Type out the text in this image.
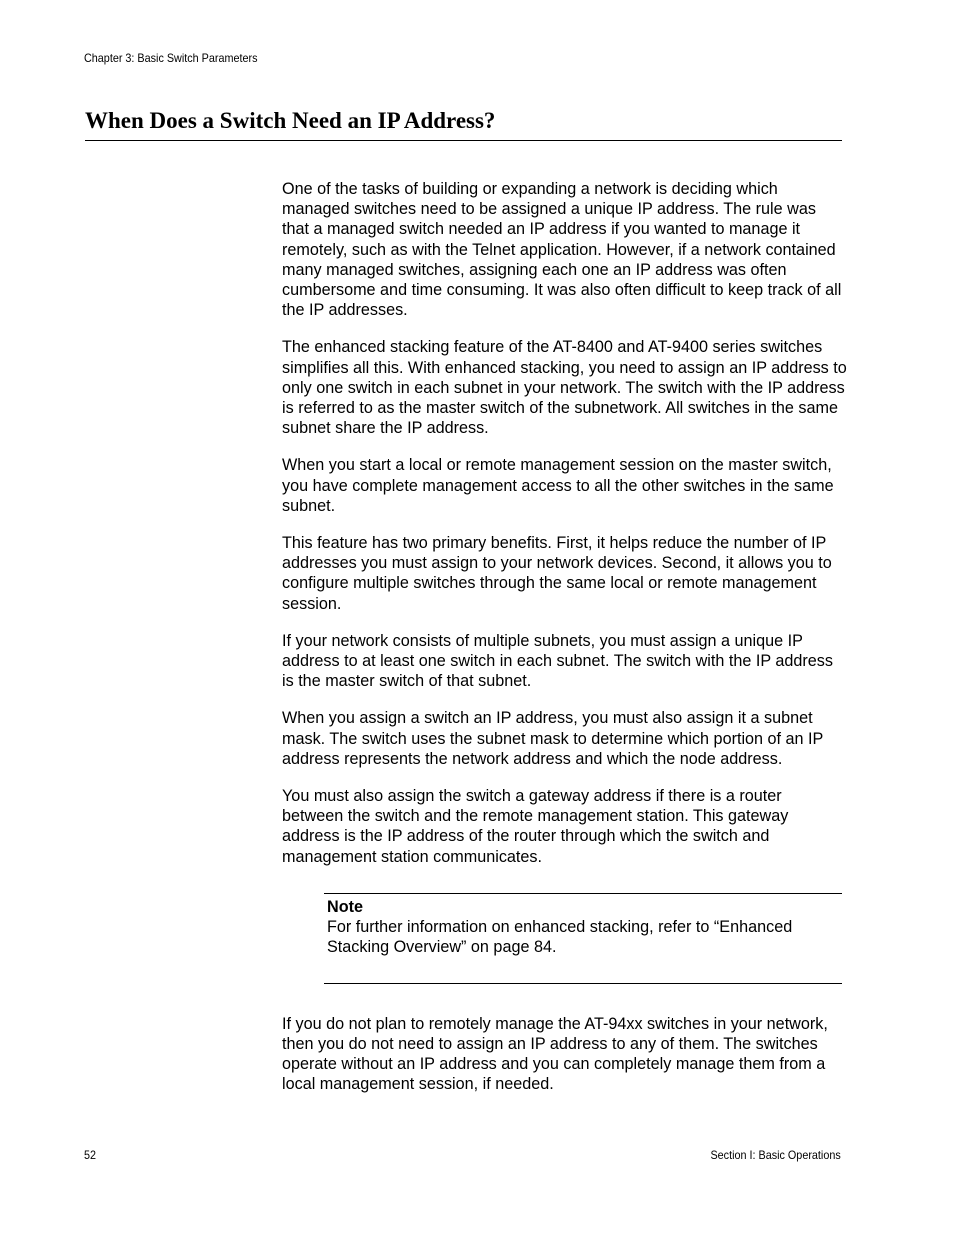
Chapter 3: Basic Switch Parameters
When Does a Switch Need an IP Address?

One of the tasks of building or expanding a network is deciding which managed switches need to be assigned a unique IP address. The rule was that a managed switch needed an IP address if you wanted to manage it remotely, such as with the Telnet application. However, if a network contained many managed switches, assigning each one an IP address was often cumbersome and time consuming. It was also often difficult to keep track of all the IP addresses.

The enhanced stacking feature of the AT-8400 and AT-9400 series switches simplifies all this. With enhanced stacking, you need to assign an IP address to only one switch in each subnet in your network. The switch with the IP address is referred to as the master switch of the subnetwork. All switches in the same subnet share the IP address.

When you start a local or remote management session on the master switch, you have complete management access to all the other switches in the same subnet.

This feature has two primary benefits. First, it helps reduce the number of IP addresses you must assign to your network devices. Second, it allows you to configure multiple switches through the same local or remote management session.

If your network consists of multiple subnets, you must assign a unique IP address to at least one switch in each subnet. The switch with the IP address is the master switch of that subnet.

When you assign a switch an IP address, you must also assign it a subnet mask. The switch uses the subnet mask to determine which portion of an IP address represents the network address and which the node address.

You must also assign the switch a gateway address if there is a router between the switch and the remote management station. This gateway address is the IP address of the router through which the switch and management station communicates.

Note

For further information on enhanced stacking, refer to “Enhanced Stacking Overview” on page 84.

If you do not plan to remotely manage the AT-94xx switches in your network, then you do not need to assign an IP address to any of them. The switches operate without an IP address and you can completely manage them from a local management session, if needed.

52	Section I: Basic Operations
